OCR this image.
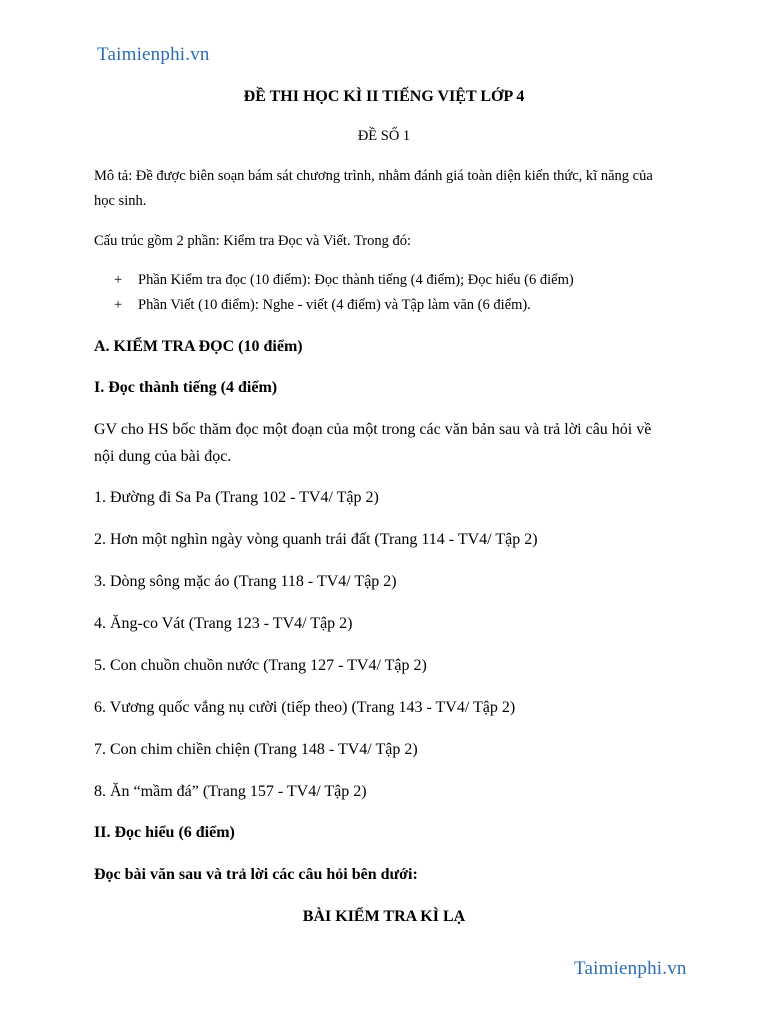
Taimienphi.vn
ĐỀ THI HỌC KÌ II TIẾNG VIỆT LỚP 4
ĐỀ SỐ 1
Mô tả: Đề được biên soạn bám sát chương trình, nhằm đánh giá toàn diện kiến thức, kĩ năng của
học sinh.
Cấu trúc gồm 2 phần: Kiểm tra Đọc và Viết. Trong đó:
+ Phần Kiểm tra đọc (10 điểm): Đọc thành tiếng (4 điểm); Đọc hiểu (6 điểm)
+ Phần Viết (10 điểm): Nghe - viết (4 điểm) và Tập làm văn (6 điểm).
A. KIỂM TRA ĐỌC (10 điểm)
I. Đọc thành tiếng (4 điểm)
GV cho HS bốc thăm đọc một đoạn của một trong các văn bản sau và trả lời câu hỏi về
nội dung của bài đọc.
1. Đường đi Sa Pa (Trang 102 - TV4/ Tập 2)
2. Hơn một nghìn ngày vòng quanh trái đất (Trang 114 - TV4/ Tập 2)
3. Dòng sông mặc áo (Trang 118 - TV4/ Tập 2)
4. Ăng-co Vát (Trang 123 - TV4/ Tập 2)
5. Con chuồn chuồn nước (Trang 127 - TV4/ Tập 2)
6. Vương quốc vắng nụ cười (tiếp theo) (Trang 143 - TV4/ Tập 2)
7. Con chim chiền chiện (Trang 148 - TV4/ Tập 2)
8. Ăn “mầm đá” (Trang 157 - TV4/ Tập 2)
II. Đọc hiểu (6 điểm)
Đọc bài văn sau và trả lời các câu hỏi bên dưới:
BÀI KIỂM TRA KÌ LẠ
Taimienphi.vn
